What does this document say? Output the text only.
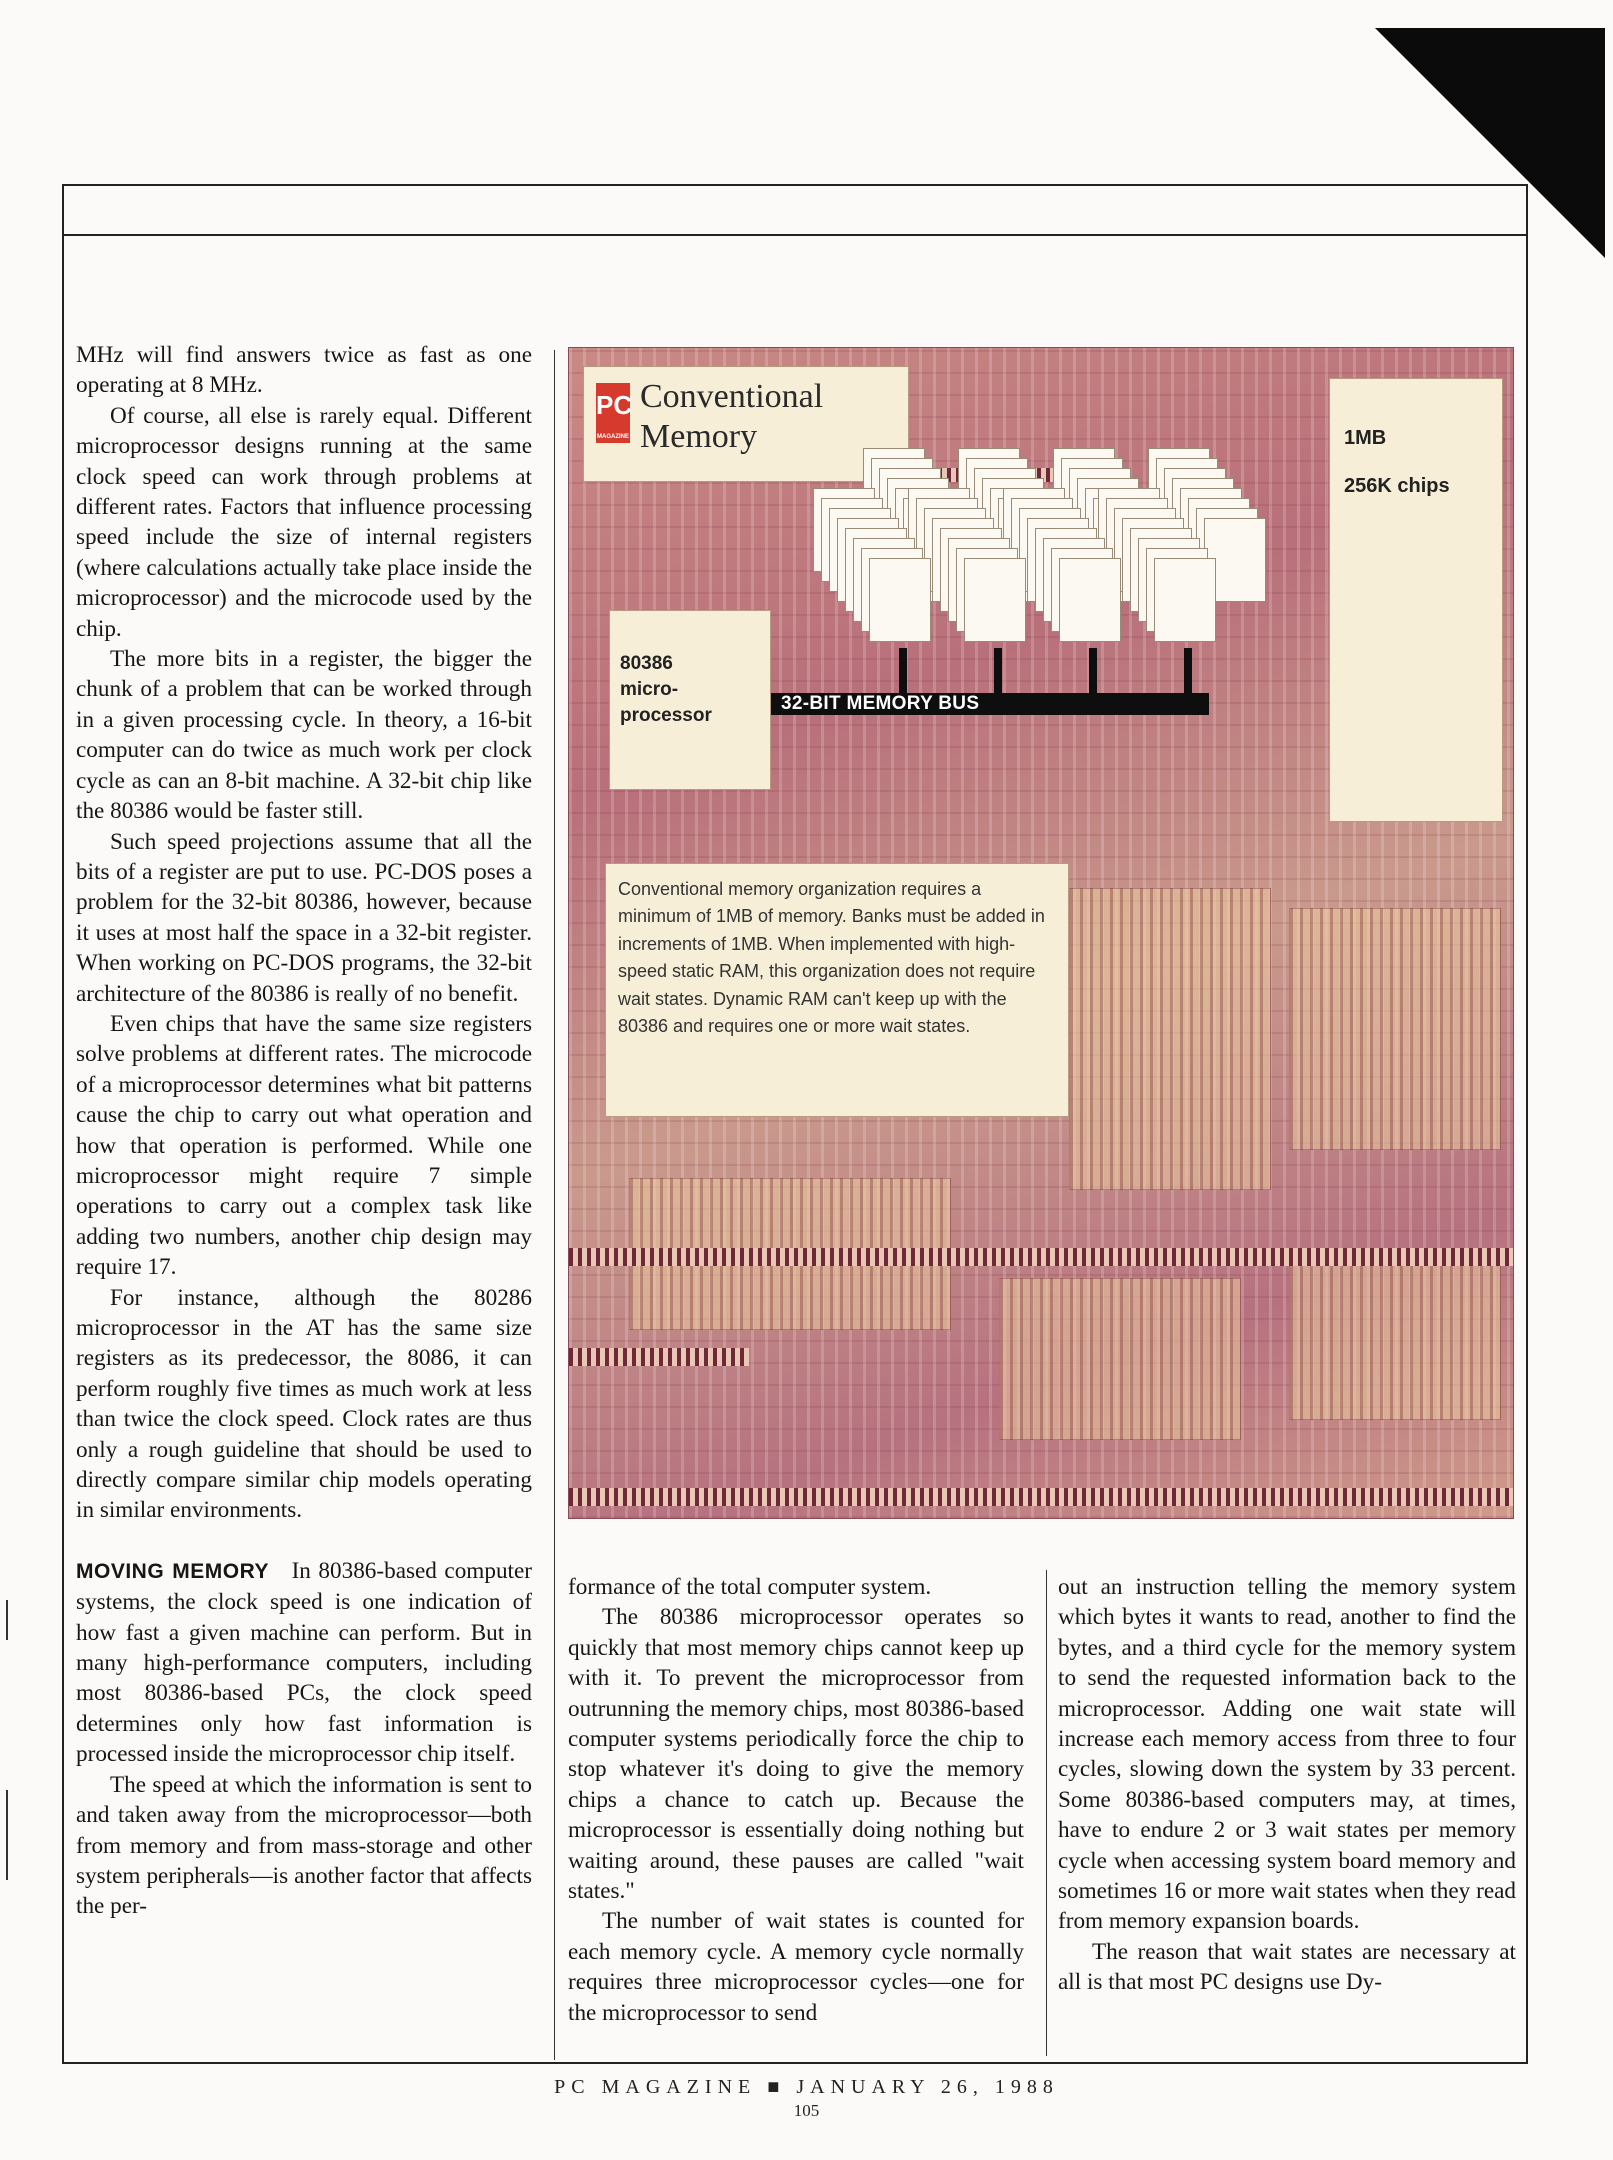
MHz will find answers twice as fast as one operating at 8 MHz.

Of course, all else is rarely equal. Different microprocessor designs running at the same clock speed can work through problems at different rates. Factors that influence processing speed include the size of internal registers (where calculations actually take place inside the microprocessor) and the microcode used by the chip.

The more bits in a register, the bigger the chunk of a problem that can be worked through in a given processing cycle. In theory, a 16-bit computer can do twice as much work per clock cycle as can an 8-bit machine. A 32-bit chip like the 80386 would be faster still.

Such speed projections assume that all the bits of a register are put to use. PC-DOS poses a problem for the 32-bit 80386, however, because it uses at most half the space in a 32-bit register. When working on PC-DOS programs, the 32-bit architecture of the 80386 is really of no benefit.

Even chips that have the same size registers solve problems at different rates. The microcode of a microprocessor determines what bit patterns cause the chip to carry out what operation and how that operation is performed. While one microprocessor might require 7 simple operations to carry out a complex task like adding two numbers, another chip design may require 17.

For instance, although the 80286 microprocessor in the AT has the same size registers as its predecessor, the 8086, it can perform roughly five times as much work at less than twice the clock speed. Clock rates are thus only a rough guideline that should be used to directly compare similar chip models operating in similar environments.

MOVING MEMORY In 80386-based computer systems, the clock speed is one indication of how fast a given machine can perform. But in many high-performance computers, including most 80386-based PCs, the clock speed determines only how fast information is processed inside the microprocessor chip itself.

The speed at which the information is sent to and taken away from the microprocessor—both from memory and from mass-storage and other system peripherals—is another factor that affects the per-

PC
MAGAZINE
Conventional
Memory	1MB
256K chips
80386
micro-
processor
32-BIT MEMORY BUS
Conventional memory organization requires a minimum of 1MB of memory. Banks must be added in increments of 1MB. When implemented with high-speed static RAM, this organization does not require wait states. Dynamic RAM can't keep up with the 80386 and requires one or more wait states.

formance of the total computer system.

The 80386 microprocessor operates so quickly that most memory chips cannot keep up with it. To prevent the microprocessor from outrunning the memory chips, most 80386-based computer systems periodically force the chip to stop whatever it's doing to give the memory chips a chance to catch up. Because the microprocessor is essentially doing nothing but waiting around, these pauses are called "wait states."

The number of wait states is counted for each memory cycle. A memory cycle normally requires three microprocessor cycles—one for the microprocessor to send

out an instruction telling the memory system which bytes it wants to read, another to find the bytes, and a third cycle for the memory system to send the requested information back to the microprocessor. Adding one wait state will increase each memory access from three to four cycles, slowing down the system by 33 percent. Some 80386-based computers may, at times, have to endure 2 or 3 wait states per memory cycle when accessing system board memory and sometimes 16 or more wait states when they read from memory expansion boards.

The reason that wait states are necessary at all is that most PC designs use Dy-

PC MAGAZINE ■ JANUARY 26, 1988
105
